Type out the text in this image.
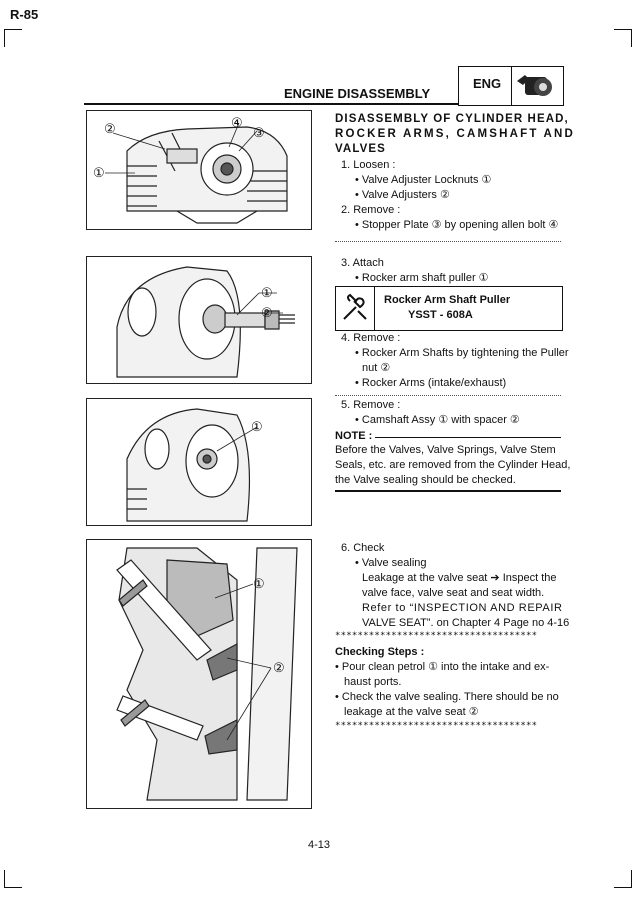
R-85
ENGINE DISASSEMBLY
ENG
②	④
③
①
①
②
①
①
②
DISASSEMBLY OF CYLINDER HEAD,
ROCKER ARMS, CAMSHAFT AND
VALVES
1. Loosen :
• Valve Adjuster Locknuts ①
• Valve Adjusters ②
2. Remove :
• Stopper Plate ③ by opening allen bolt ④
3. Attach
• Rocker arm shaft puller ①
Rocker Arm Shaft Puller
YSST - 608A
4. Remove :
• Rocker Arm Shafts by tightening the Puller
nut ②
• Rocker Arms (intake/exhaust)
5. Remove :
• Camshaft Assy ① with spacer ②
NOTE :
Before the Valves, Valve Springs, Valve Stem
Seals, etc. are removed from the Cylinder Head,
the Valve sealing should be checked.
6. Check
• Valve sealing
Leakage at the valve seat ➔ Inspect the
valve face, valve seat and seat width.
Refer to “INSPECTION AND REPAIR
VALVE SEAT”. on Chapter 4 Page no 4-16
************************************
Checking Steps :
• Pour clean petrol ① into the intake and ex-
haust ports.
• Check the valve sealing. There should be no
leakage at the valve seat ②
************************************
4-13
